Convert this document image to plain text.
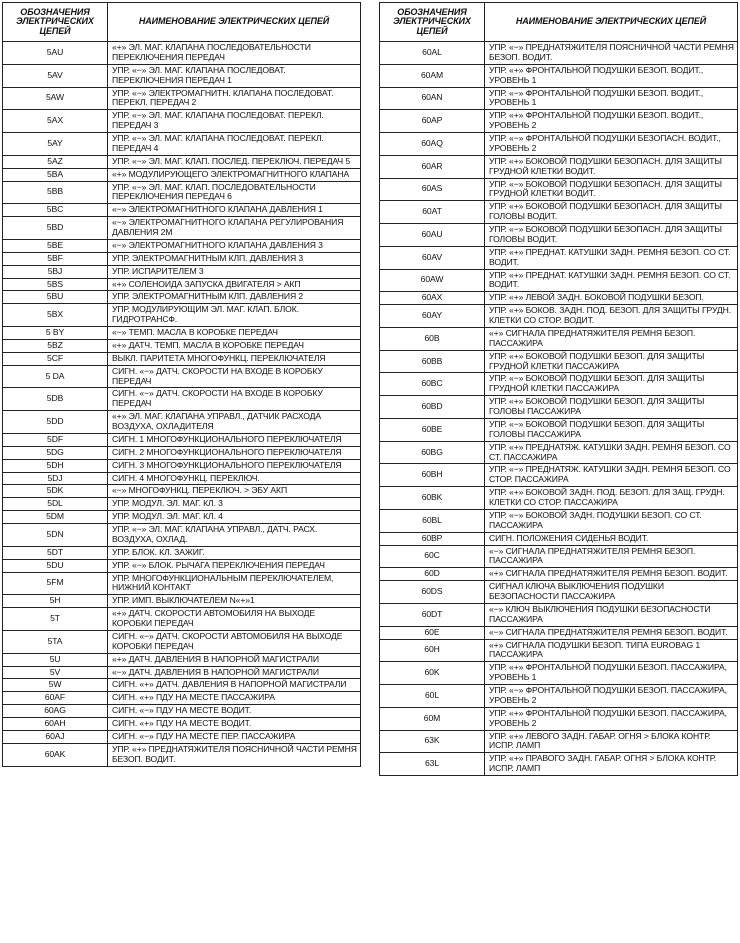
ОБОЗНАЧЕНИЯ ЭЛЕКТРИЧЕСКИХ ЦЕПЕЙ	НАИМЕНОВАНИЕ ЭЛЕКТРИЧЕСКИХ ЦЕПЕЙ
5AU	«+» ЭЛ. МАГ. КЛАПАНА ПОСЛЕДОВАТЕЛЬНОСТИ ПЕРЕКЛЮЧЕНИЯ ПЕРЕДАЧ
5AV	УПР. «−» ЭЛ. МАГ. КЛАПАНА ПОСЛЕДОВАТ. ПЕРЕКЛЮЧЕНИЯ ПЕРЕДАЧ 1
5AW	УПР. «−» ЭЛЕКТРОМАГНИТН. КЛАПАНА ПОСЛЕДОВАТ. ПЕРЕКЛ. ПЕРЕДАЧ 2
5AX	УПР. «−» ЭЛ. МАГ. КЛАПАНА ПОСЛЕДОВАТ. ПЕРЕКЛ. ПЕРЕДАЧ 3
5AY	УПР. «−» ЭЛ. МАГ. КЛАПАНА ПОСЛЕДОВАТ. ПЕРЕКЛ. ПЕРЕДАЧ 4
5AZ	УПР. «−» ЭЛ. МАГ. КЛАП. ПОСЛЕД. ПЕРЕКЛЮЧ. ПЕРЕДАЧ 5
5BA	«+» МОДУЛИРУЮЩЕГО ЭЛЕКТРОМАГНИТНОГО КЛАПАНА
5BB	УПР. «−» ЭЛ. МАГ. КЛАП. ПОСЛЕДОВАТЕЛЬНОСТИ ПЕРЕКЛЮЧЕНИЯ ПЕРЕДАЧ 6
5BC	«−» ЭЛЕКТРОМАГНИТНОГО КЛАПАНА ДАВЛЕНИЯ 1
5BD	«−» ЭЛЕКТРОМАГНИТНОГО КЛАПАНА РЕГУЛИРОВАНИЯ ДАВЛЕНИЯ 2М
5BE	«−» ЭЛЕКТРОМАГНИТНОГО КЛАПАНА ДАВЛЕНИЯ 3
5BF	УПР. ЭЛЕКТРОМАГНИТНЫМ КЛП. ДАВЛЕНИЯ 3
5BJ	УПР. ИСПАРИТЕЛЕМ 3
5BS	«+» СОЛЕНОИДА ЗАПУСКА ДВИГАТЕЛЯ > АКП
5BU	УПР. ЭЛЕКТРОМАГНИТНЫМ КЛП. ДАВЛЕНИЯ 2
5BX	УПР. МОДУЛИРУЮЩИМ ЭЛ. МАГ. КЛАП. БЛОК. ГИДРОТРАНСФ.
5 BY	«−» ТЕМП. МАСЛА В КОРОБКЕ ПЕРЕДАЧ
5BZ	«+» ДАТЧ. ТЕМП. МАСЛА В КОРОБКЕ ПЕРЕДАЧ
5CF	ВЫКЛ. ПАРИТЕТА МНОГОФУНКЦ. ПЕРЕКЛЮЧАТЕЛЯ
5 DA	СИГН. «−» ДАТЧ. СКОРОСТИ НА ВХОДЕ В КОРОБКУ ПЕРЕДАЧ
5DB	СИГН. «−» ДАТЧ. СКОРОСТИ НА ВХОДЕ В КОРОБКУ ПЕРЕДАЧ
5DD	«+» ЭЛ. МАГ. КЛАПАНА УПРАВЛ., ДАТЧИК РАСХОДА ВОЗДУХА, ОХЛАДИТЕЛЯ
5DF	СИГН. 1 МНОГОФУНКЦИОНАЛЬНОГО ПЕРЕКЛЮЧАТЕЛЯ
5DG	СИГН. 2 МНОГОФУНКЦИОНАЛЬНОГО ПЕРЕКЛЮЧАТЕЛЯ
5DH	СИГН. 3 МНОГОФУНКЦИОНАЛЬНОГО ПЕРЕКЛЮЧАТЕЛЯ
5DJ	СИГН. 4 МНОГОФУНКЦ. ПЕРЕКЛЮЧ.
5DK	«−» МНОГОФУНКЦ. ПЕРЕКЛЮЧ. > ЭБУ АКП
5DL	УПР. МОДУЛ. ЭЛ. МАГ. КЛ. 3
5DM	УПР. МОДУЛ. ЭЛ. МАГ. КЛ. 4
5DN	УПР. «−» ЭЛ. МАГ. КЛАПАНА УПРАВЛ., ДАТЧ. РАСХ. ВОЗДУХА, ОХЛАД.
5DT	УПР. БЛОК. КЛ. ЗАЖИГ.
5DU	УПР. «−» БЛОК. РЫЧАГА ПЕРЕКЛЮЧЕНИЯ ПЕРЕДАЧ
5FM	УПР. МНОГОФУНКЦИОНАЛЬНЫМ ПЕРЕКЛЮЧАТЕЛЕМ, НИЖНИЙ КОНТАКТ
5H	УПР. ИМП. ВЫКЛЮЧАТЕЛЕМ N«+»1
5T	«+» ДАТЧ. СКОРОСТИ АВТОМОБИЛЯ НА ВЫХОДЕ КОРОБКИ ПЕРЕДАЧ
5TA	СИГН. «−» ДАТЧ. СКОРОСТИ АВТОМОБИЛЯ НА ВЫХОДЕ КОРОБКИ ПЕРЕДАЧ
5U	«+» ДАТЧ. ДАВЛЕНИЯ В НАПОРНОЙ МАГИСТРАЛИ
5V	«−» ДАТЧ. ДАВЛЕНИЯ В НАПОРНОЙ МАГИСТРАЛИ
5W	СИГН. «+» ДАТЧ. ДАВЛЕНИЯ В НАПОРНОЙ МАГИСТРАЛИ
60AF	СИГН. «+» ПДУ НА МЕСТЕ ПАССАЖИРА
60AG	СИГН. «−» ПДУ НА МЕСТЕ ВОДИТ.
60AH	СИГН. «+» ПДУ НА МЕСТЕ ВОДИТ.
60AJ	СИГН. «−» ПДУ НА МЕСТЕ ПЕР. ПАССАЖИРА
60AK	УПР. «+» ПРЕДНАТЯЖИТЕЛЯ ПОЯСНИЧНОЙ ЧАСТИ РЕМНЯ БЕЗОП. ВОДИТ.
ОБОЗНАЧЕНИЯ ЭЛЕКТРИЧЕСКИХ ЦЕПЕЙ	НАИМЕНОВАНИЕ ЭЛЕКТРИЧЕСКИХ ЦЕПЕЙ
60AL	УПР. «−» ПРЕДНАТЯЖИТЕЛЯ ПОЯСНИЧНОЙ ЧАСТИ РЕМНЯ БЕЗОП. ВОДИТ.
60AM	УПР. «+» ФРОНТАЛЬНОЙ ПОДУШКИ БЕЗОП. ВОДИТ., УРОВЕНЬ 1
60AN	УПР. «−» ФРОНТАЛЬНОЙ ПОДУШКИ БЕЗОП. ВОДИТ., УРОВЕНЬ 1
60AP	УПР. «+» ФРОНТАЛЬНОЙ ПОДУШКИ БЕЗОП. ВОДИТ., УРОВЕНЬ 2
60AQ	УПР. «−» ФРОНТАЛЬНОЙ ПОДУШКИ БЕЗОПАСН. ВОДИТ., УРОВЕНЬ 2
60AR	УПР. «+» БОКОВОЙ ПОДУШКИ БЕЗОПАСН. ДЛЯ ЗАЩИТЫ ГРУДНОЙ КЛЕТКИ ВОДИТ.
60AS	УПР. «−» БОКОВОЙ ПОДУШКИ БЕЗОПАСН. ДЛЯ ЗАЩИТЫ ГРУДНОЙ КЛЕТКИ ВОДИТ.
60AT	УПР. «+» БОКОВОЙ ПОДУШКИ БЕЗОПАСН. ДЛЯ ЗАЩИТЫ ГОЛОВЫ ВОДИТ.
60AU	УПР. «−» БОКОВОЙ ПОДУШКИ БЕЗОПАСН. ДЛЯ ЗАЩИТЫ ГОЛОВЫ ВОДИТ.
60AV	УПР. «+» ПРЕДНАТ. КАТУШКИ ЗАДН. РЕМНЯ БЕЗОП. СО СТ. ВОДИТ.
60AW	УПР. «+» ПРЕДНАТ. КАТУШКИ ЗАДН. РЕМНЯ БЕЗОП. СО СТ. ВОДИТ.
60AX	УПР. «+» ЛЕВОЙ ЗАДН. БОКОВОЙ ПОДУШКИ БЕЗОП.
60AY	УПР. «+» БОКОВ. ЗАДН. ПОД. БЕЗОП. ДЛЯ ЗАЩИТЫ ГРУДН. КЛЕТКИ СО СТОР. ВОДИТ.
60B	«+» СИГНАЛА ПРЕДНАТЯЖИТЕЛЯ РЕМНЯ БЕЗОП. ПАССАЖИРА
60BB	УПР. «+» БОКОВОЙ ПОДУШКИ БЕЗОП. ДЛЯ ЗАЩИТЫ ГРУДНОЙ КЛЕТКИ ПАССАЖИРА
60BC	УПР. «−» БОКОВОЙ ПОДУШКИ БЕЗОП. ДЛЯ ЗАЩИТЫ ГРУДНОЙ КЛЕТКИ ПАССАЖИРА
60BD	УПР. «+» БОКОВОЙ ПОДУШКИ БЕЗОП. ДЛЯ ЗАЩИТЫ ГОЛОВЫ ПАССАЖИРА
60BE	УПР. «−» БОКОВОЙ ПОДУШКИ БЕЗОП. ДЛЯ ЗАЩИТЫ ГОЛОВЫ ПАССАЖИРА
60BG	УПР. «+» ПРЕДНАТЯЖ. КАТУШКИ ЗАДН. РЕМНЯ БЕЗОП. СО СТ. ПАССАЖИРА
60BH	УПР. «−» ПРЕДНАТЯЖ. КАТУШКИ ЗАДН. РЕМНЯ БЕЗОП. СО СТОР. ПАССАЖИРА
60BK	УПР. «+» БОКОВОЙ ЗАДН. ПОД. БЕЗОП. ДЛЯ ЗАЩ. ГРУДН. КЛЕТКИ СО СТОР. ПАССАЖИРА
60BL	УПР. «−» БОКОВОЙ ЗАДН. ПОДУШКИ БЕЗОП. СО СТ. ПАССАЖИРА
60BP	СИГН. ПОЛОЖЕНИЯ СИДЕНЬЯ ВОДИТ.
60C	«−» СИГНАЛА ПРЕДНАТЯЖИТЕЛЯ РЕМНЯ БЕЗОП. ПАССАЖИРА
60D	«+» СИГНАЛА ПРЕДНАТЯЖИТЕЛЯ РЕМНЯ БЕЗОП. ВОДИТ.
60DS	СИГНАЛ КЛЮЧА ВЫКЛЮЧЕНИЯ ПОДУШКИ БЕЗОПАСНОСТИ ПАССАЖИРА
60DT	«−» КЛЮЧ ВЫКЛЮЧЕНИЯ ПОДУШКИ БЕЗОПАСНОСТИ ПАССАЖИРА
60E	«−» СИГНАЛА ПРЕДНАТЯЖИТЕЛЯ РЕМНЯ БЕЗОП. ВОДИТ.
60H	«+» СИГНАЛА ПОДУШКИ БЕЗОП. ТИПА EUROBAG 1 ПАССАЖИРА
60K	УПР. «+» ФРОНТАЛЬНОЙ ПОДУШКИ БЕЗОП. ПАССАЖИРА, УРОВЕНЬ 1
60L	УПР. «−» ФРОНТАЛЬНОЙ ПОДУШКИ БЕЗОП. ПАССАЖИРА, УРОВЕНЬ 2
60M	УПР. «+» ФРОНТАЛЬНОЙ ПОДУШКИ БЕЗОП. ПАССАЖИРА, УРОВЕНЬ 2
63K	УПР. «+» ЛЕВОГО ЗАДН. ГАБАР. ОГНЯ > БЛОКА КОНТР. ИСПР. ЛАМП
63L	УПР. «+» ПРАВОГО ЗАДН. ГАБАР. ОГНЯ > БЛОКА КОНТР. ИСПР. ЛАМП
